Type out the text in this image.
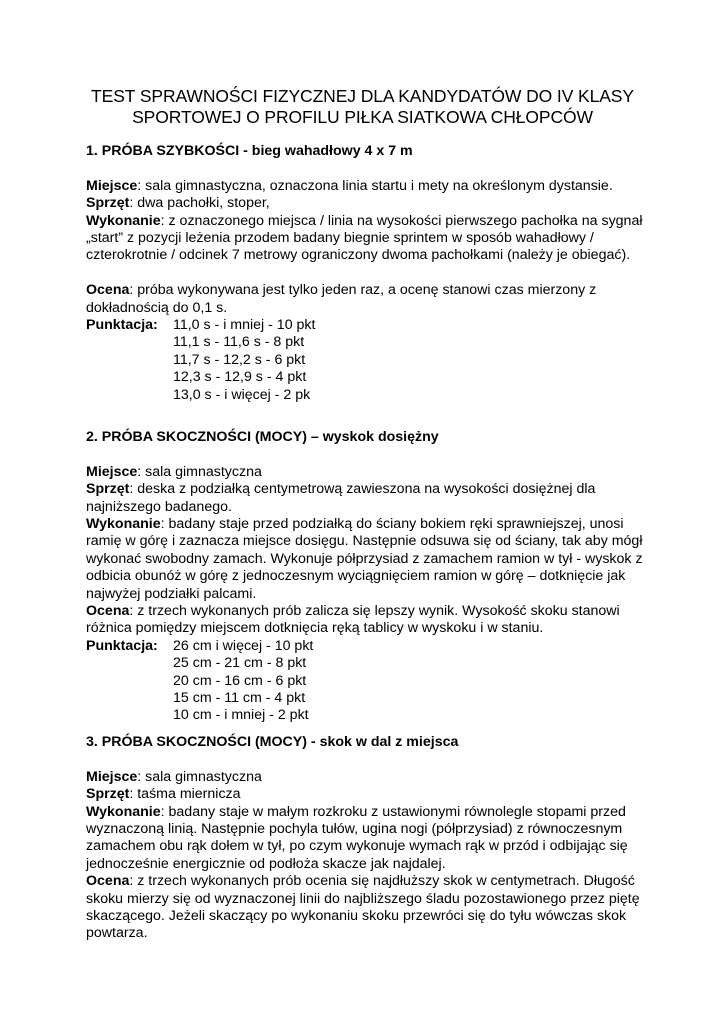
TEST SPRAWNOŚCI FIZYCZNEJ DLA KANDYDATÓW DO IV KLASY
SPORTOWEJ O PROFILU PIŁKA SIATKOWA CHŁOPCÓW
1. PRÓBA SZYBKOŚCI - bieg wahadłowy 4 x 7 m
Miejsce: sala gimnastyczna, oznaczona linia startu i mety na określonym dystansie.
Sprzęt: dwa pachołki, stoper,
Wykonanie: z oznaczonego miejsca / linia na wysokości pierwszego pachołka na sygnał „start” z pozycji leżenia przodem badany biegnie sprintem w sposób wahadłowy / czterokrotnie / odcinek 7 metrowy ograniczony dwoma pachołkami (należy je obiegać).
Ocena: próba wykonywana jest tylko jeden raz, a ocenę stanowi czas mierzony z dokładnością do 0,1 s.
Punktacja:	11,0 s - i mniej - 10 pkt
11,1 s - 11,6 s - 8 pkt
11,7 s - 12,2 s - 6 pkt
12,3 s - 12,9 s - 4 pkt
13,0 s - i więcej - 2 pk
2. PRÓBA SKOCZNOŚCI (MOCY) – wyskok dosiężny
Miejsce: sala gimnastyczna
Sprzęt: deska z podziałką centymetrową zawieszona na wysokości dosiężnej dla najniższego badanego.
Wykonanie: badany staje przed podziałką do ściany bokiem ręki sprawniejszej, unosi ramię w górę i zaznacza miejsce dosięgu. Następnie odsuwa się od ściany, tak aby mógł wykonać swobodny zamach. Wykonuje półprzysiad z zamachem ramion w tył - wyskok z odbicia obunóż w górę z jednoczesnym wyciągnięciem ramion w górę – dotknięcie jak najwyżej podziałki palcami.
Ocena: z trzech wykonanych prób zalicza się lepszy wynik. Wysokość skoku stanowi różnica pomiędzy miejscem dotknięcia ręką tablicy w wyskoku i w staniu.
Punktacja:	26 cm i więcej - 10 pkt
25 cm - 21 cm - 8 pkt
20 cm - 16 cm - 6 pkt
15 cm - 11 cm - 4 pkt
10 cm - i mniej - 2 pkt
3. PRÓBA SKOCZNOŚCI (MOCY) - skok w dal z miejsca
Miejsce: sala gimnastyczna
Sprzęt: taśma miernicza
Wykonanie: badany staje w małym rozkroku z ustawionymi równolegle stopami przed wyznaczoną linią. Następnie pochyla tułów, ugina nogi (półprzysiad) z równoczesnym zamachem obu rąk dołem w tył, po czym wykonuje wymach rąk w przód i odbijając się jednocześnie energicznie od podłoża skacze jak najdalej.
Ocena: z trzech wykonanych prób ocenia się najdłuższy skok w centymetrach. Długość skoku mierzy się od wyznaczonej linii do najbliższego śladu pozostawionego przez piętę skaczącego. Jeżeli skaczący po wykonaniu skoku przewróci się do tyłu wówczas skok powtarza.
